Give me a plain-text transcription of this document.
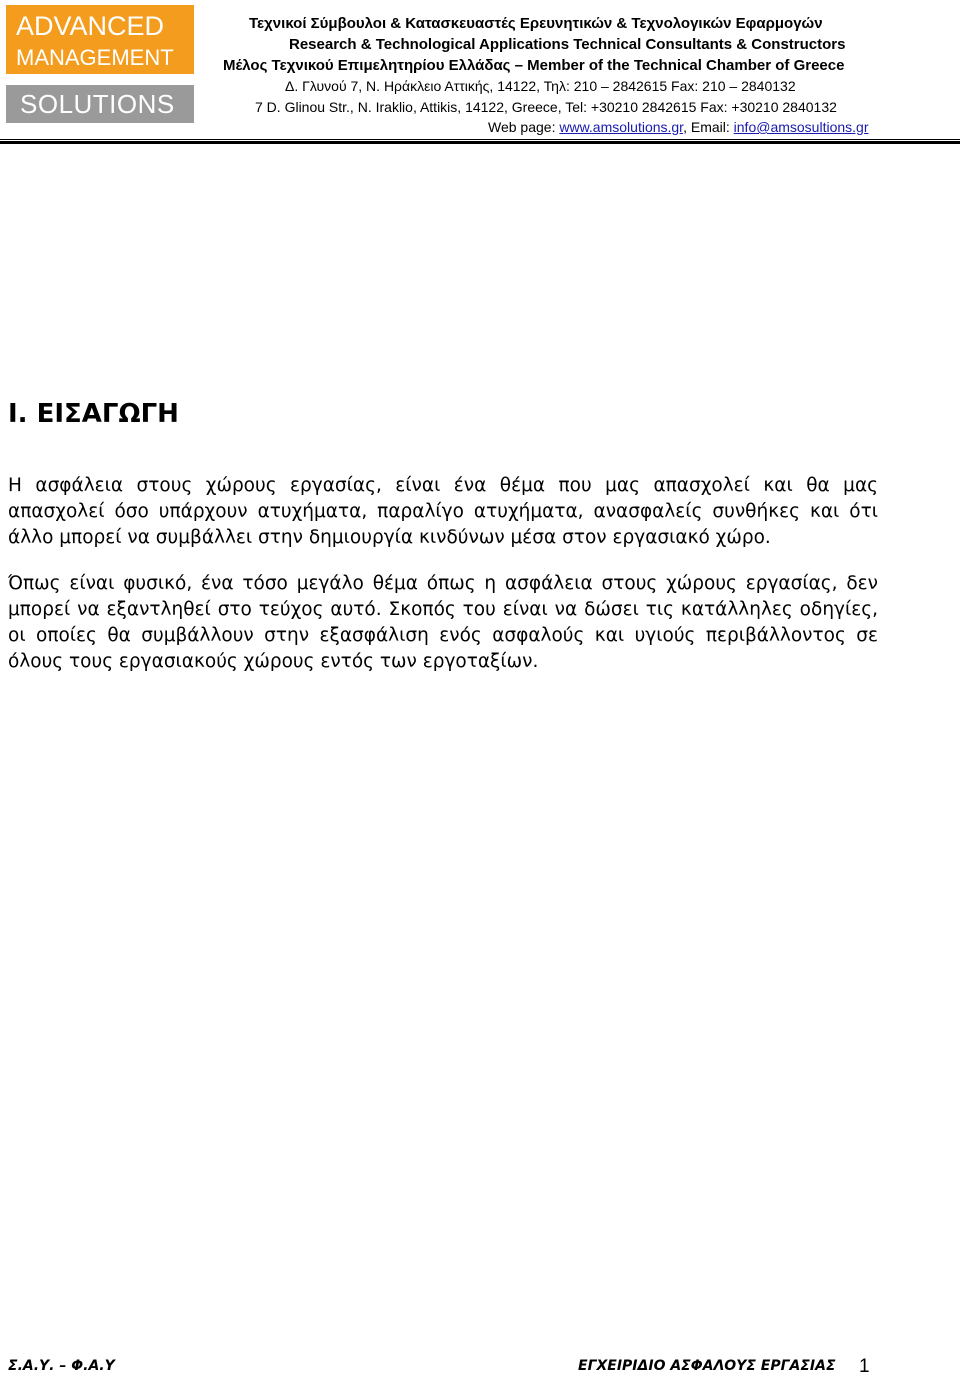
ADVANCED
MANAGEMENT
SOLUTIONS
Τεχνικοί Σύμβουλοι & Κατασκευαστές Ερευνητικών & Τεχνολογικών Εφαρμογών
Research & Technological Applications Technical Consultants & Constructors
Μέλος Τεχνικού Επιμελητηρίου Ελλάδας – Member of the Technical Chamber of Greece
Δ. Γλυνού 7, Ν. Ηράκλειο Αττικής, 14122, Τηλ: 210 – 2842615 Fax: 210 – 2840132
7 D. Glinou Str., N. Iraklio, Attikis, 14122, Greece, Tel: +30210 2842615 Fax: +30210 2840132
Web page: www.amsolutions.gr, Email: info@amsosultions.gr
Ι. ΕΙΣΑΓΩΓΗ
Η ασφάλεια στους χώρους εργασίας, είναι ένα θέμα που μας απασχολεί και θα μας απασχολεί όσο υπάρχουν ατυχήματα, παραλίγο ατυχήματα, ανασφαλείς συνθήκες και ότι άλλο μπορεί να συμβάλλει στην δημιουργία κινδύνων μέσα στον εργασιακό χώρο.
Όπως είναι φυσικό, ένα τόσο μεγάλο θέμα όπως η ασφάλεια στους χώρους εργασίας, δεν μπορεί να εξαντληθεί στο τεύχος αυτό. Σκοπός του είναι να δώσει τις κατάλληλες οδηγίες, οι οποίες θα συμβάλλουν στην εξασφάλιση ενός ασφαλούς και υγιούς περιβάλλοντος σε όλους τους εργασιακούς χώρους εντός των εργοταξίων.
Σ.Α.Υ. – Φ.Α.Υ	ΕΓΧΕΙΡΙΔΙΟ ΑΣΦΑΛΟΥΣ ΕΡΓΑΣΙΑΣ 1
